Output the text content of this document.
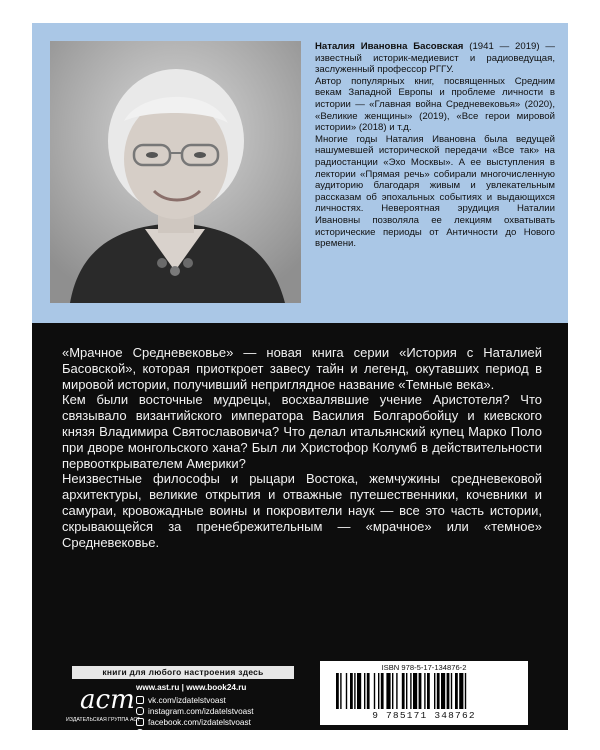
Наталия Ивановна Басовская (1941 — 2019) — известный историк-медиевист и радиоведущая, заслуженный профессор РГГУ.

Автор популярных книг, посвященных Средним векам Западной Европы и проблеме личности в истории — «Главная война Средневековья» (2020), «Великие женщины» (2019), «Все герои мировой истории» (2018) и т.д.

Многие годы Наталия Ивановна была ведущей нашумевшей исторической передачи «Все так» на радиостанции «Эхо Москвы». А ее выступления в лектории «Прямая речь» собирали многочисленную аудиторию благодаря живым и увлекательным рассказам об эпохальных событиях и выдающихся личностях. Невероятная эрудиция Наталии Ивановны позволяла ее лекциям охватывать исторические периоды от Античности до Нового времени.

«Мрачное Средневековье» — новая книга серии «История с Наталией Басовской», которая приоткроет завесу тайн и легенд, окутавших период в мировой истории, получивший неприглядное название «Темные века».

Кем были восточные мудрецы, восхвалявшие учение Аристотеля? Что связывало византийского императора Василия Болгаробойцу и киевского князя Владимира Святославовича? Что делал итальянский купец Марко Поло при дворе монгольского хана? Был ли Христофор Колумб в действительности первооткрывателем Америки?

Неизвестные философы и рыцари Востока, жемчужины средневековой архитектуры, великие открытия и отважные путешественники, кочевники и самураи, кровожадные воины и покровители наук — все это часть истории, скрывающейся за пренебрежительным — «мрачное» или «темное» Средневековье.

книги для любого настроения здесь
аст
ИЗДАТЕЛЬСКАЯ ГРУППА АСТ
www.ast.ru | www.book24.ru
vk.com/izdatelstvoast
instagram.com/izdatelstvoast
facebook.com/izdatelstvoast
ok.ru/izdatelstvoast
ISBN 978-5-17-134876-2
9 785171 348762
